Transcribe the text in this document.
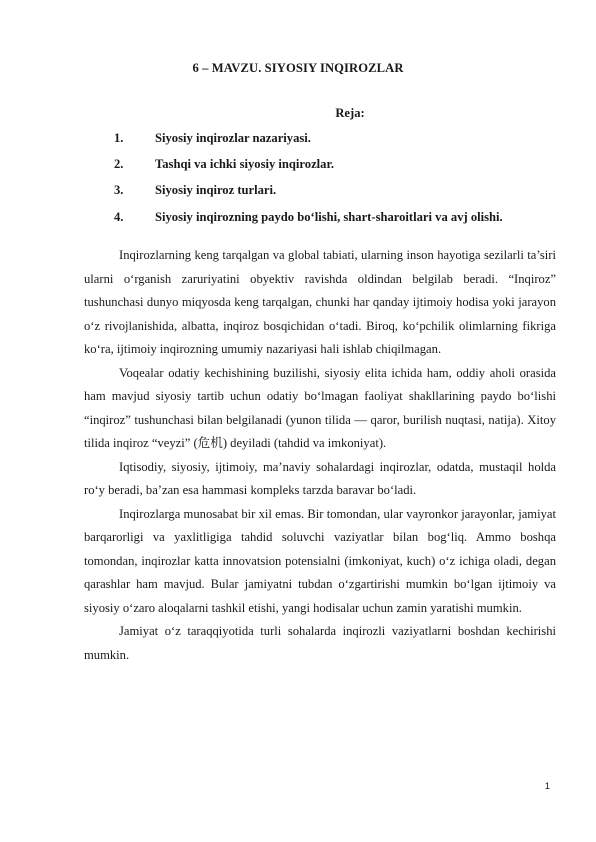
6 – MAVZU. SIYOSIY INQIROZLAR
Reja:
1.	Siyosiy inqirozlar nazariyasi.
2.	Tashqi va ichki siyosiy inqirozlar.
3.	Siyosiy inqiroz turlari.
4.	Siyosiy inqirozning paydo bo‘lishi, shart-sharoitlari va avj olishi.

Inqirozlarning keng tarqalgan va global tabiati, ularning inson hayotiga sezilarli ta’siri ularni o‘rganish zaruriyatini obyektiv ravishda oldindan belgilab beradi. “Inqiroz” tushunchasi dunyo miqyosda keng tarqalgan, chunki har qanday ijtimoiy hodisa yoki jarayon o‘z rivojlanishida, albatta, inqiroz bosqichidan o‘tadi. Biroq, ko‘pchilik olimlarning fikriga ko‘ra, ijtimoiy inqirozning umumiy nazariyasi hali ishlab chiqilmagan.

Voqealar odatiy kechishining buzilishi, siyosiy elita ichida ham, oddiy aholi orasida ham mavjud siyosiy tartib uchun odatiy bo‘lmagan faoliyat shakllarining paydo bo‘lishi “inqiroz” tushunchasi bilan belgilanadi (yunon tilida — qaror, burilish nuqtasi, natija). Xitoy tilida inqiroz “veyzi” (危机) deyiladi (tahdid va imkoniyat).

Iqtisodiy, siyosiy, ijtimoiy, ma’naviy sohalardagi inqirozlar, odatda, mustaqil holda ro‘y beradi, ba’zan esa hammasi kompleks tarzda baravar bo‘ladi.

Inqirozlarga munosabat bir xil emas. Bir tomondan, ular vayronkor jarayonlar, jamiyat barqarorligi va yaxlitligiga tahdid soluvchi vaziyatlar bilan bog‘liq. Ammo boshqa tomondan, inqirozlar katta innovatsion potensialni (imkoniyat, kuch) o‘z ichiga oladi, degan qarashlar ham mavjud. Bular jamiyatni tubdan o‘zgartirishi mumkin bo‘lgan ijtimoiy va siyosiy o‘zaro aloqalarni tashkil etishi, yangi hodisalar uchun zamin yaratishi mumkin.

Jamiyat o‘z taraqqiyotida turli sohalarda inqirozli vaziyatlarni boshdan kechirishi mumkin.

1
